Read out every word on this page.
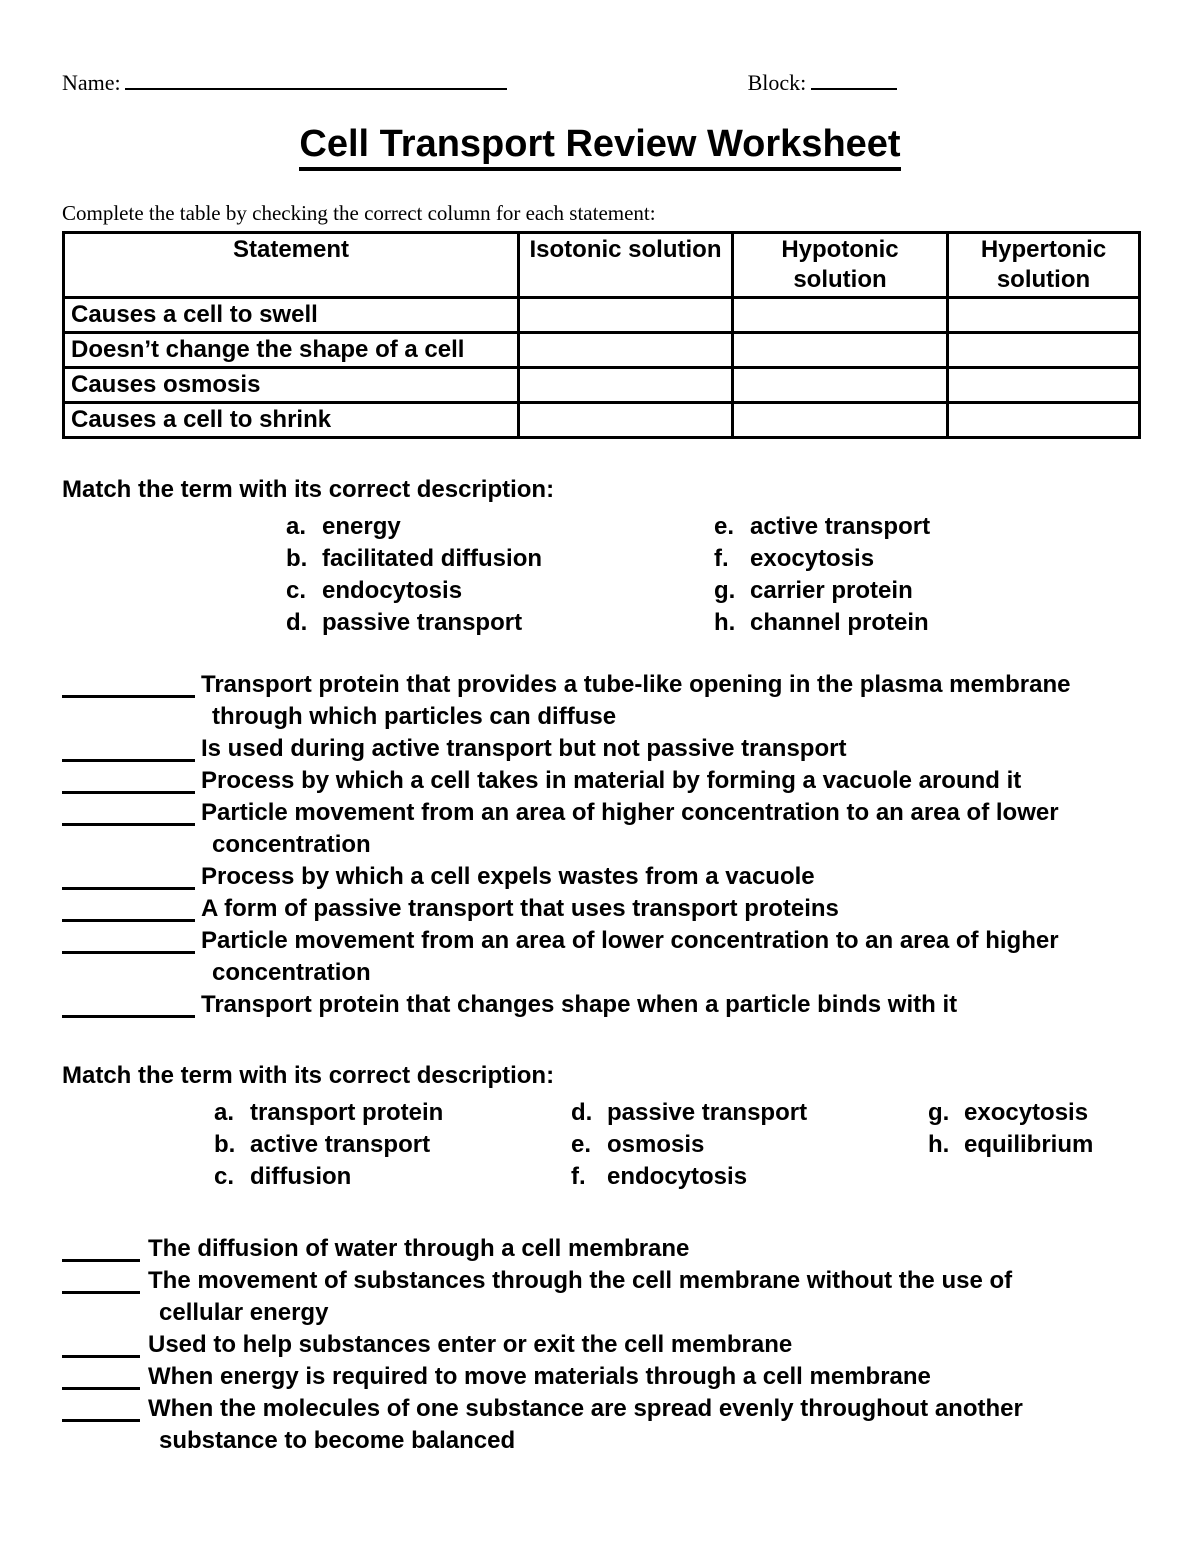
Name:	Block:
Cell Transport Review Worksheet

Complete the table by checking the correct column for each statement:

Statement	Isotonic solution	Hypotonic solution	Hypertonic solution
Causes a cell to swell			
Doesn’t change the shape of a cell			
Causes osmosis			
Causes a cell to shrink			
Match the term with its correct description:
a. energy
b. facilitated diffusion
c. endocytosis
d. passive transport
e. active transport
f. exocytosis
g. carrier protein
h. channel protein
Transport protein that provides a tube-like opening in the plasma membrane through which particles can diffuse
Is used during active transport but not passive transport
Process by which a cell takes in material by forming a vacuole around it
Particle movement from an area of higher concentration to an area of lower concentration
Process by which a cell expels wastes from a vacuole
A form of passive transport that uses transport proteins
Particle movement from an area of lower concentration to an area of higher concentration
Transport protein that changes shape when a particle binds with it
Match the term with its correct description:
a. transport protein
b. active transport
c. diffusion
d. passive transport
e. osmosis
f. endocytosis
g. exocytosis
h. equilibrium
The diffusion of water through a cell membrane
The movement of substances through the cell membrane without the use of cellular energy
Used to help substances enter or exit the cell membrane
When energy is required to move materials through a cell membrane
When the molecules of one substance are spread evenly throughout another substance to become balanced
